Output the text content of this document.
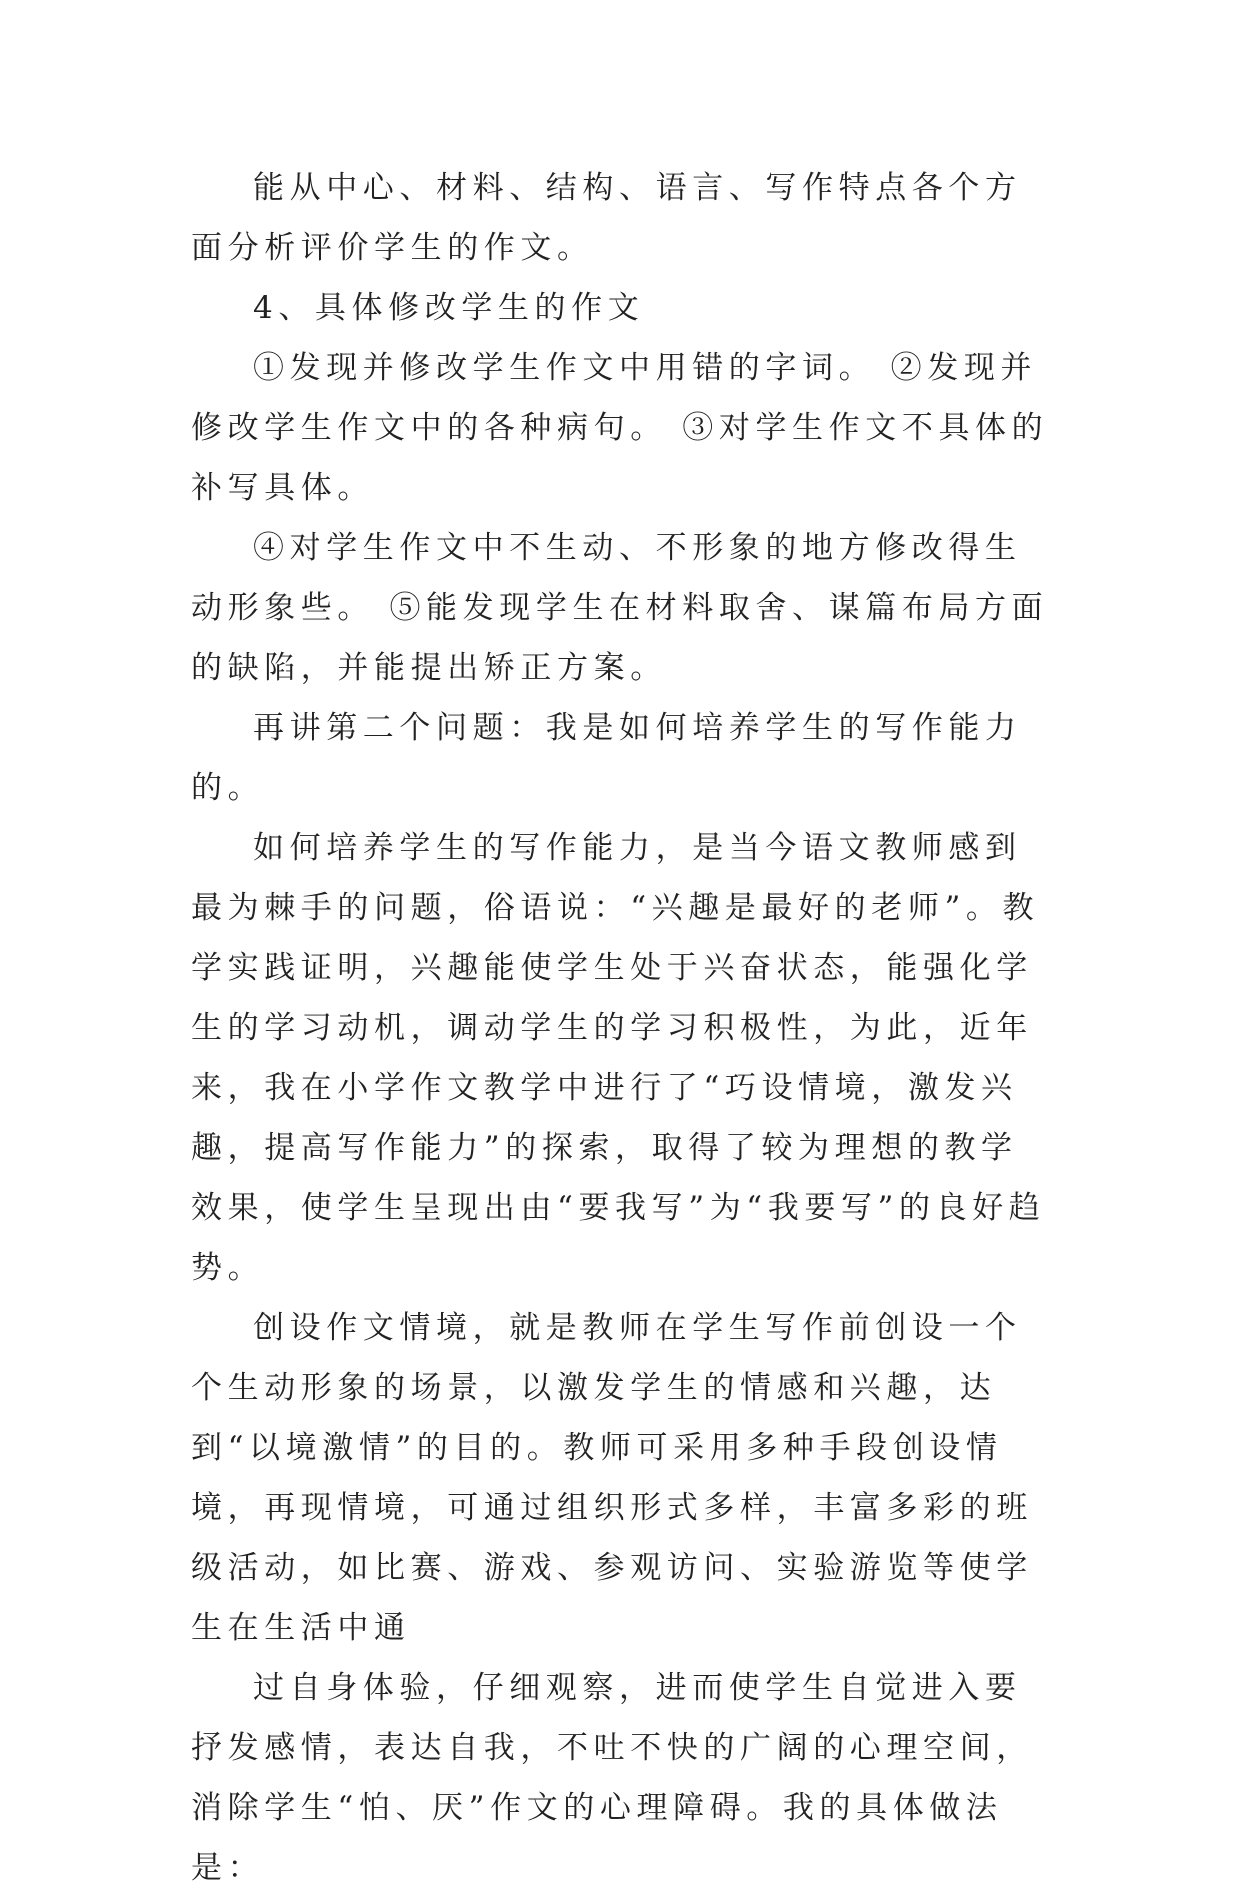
能从中心、材料、结构、语言、写作特点各个方面分析评价学生的作文。

4、具体修改学生的作文

①发现并修改学生作文中用错的字词。 ②发现并修改学生作文中的各种病句。 ③对学生作文不具体的补写具体。

④对学生作文中不生动、不形象的地方修改得生动形象些。 ⑤能发现学生在材料取舍、谋篇布局方面的缺陷，并能提出矫正方案。

再讲第二个问题：我是如何培养学生的写作能力的。

如何培养学生的写作能力，是当今语文教师感到最为棘手的问题，俗语说：“兴趣是最好的老师”。教学实践证明，兴趣能使学生处于兴奋状态，能强化学生的学习动机，调动学生的学习积极性，为此，近年来，我在小学作文教学中进行了“巧设情境，激发兴趣，提高写作能力”的探索，取得了较为理想的教学效果，使学生呈现出由“要我写”为“我要写”的良好趋势。

创设作文情境，就是教师在学生写作前创设一个个生动形象的场景，以激发学生的情感和兴趣，达到“以境激情”的目的。教师可采用多种手段创设情境，再现情境，可通过组织形式多样，丰富多彩的班级活动，如比赛、游戏、参观访问、实验游览等使学生在生活中通

过自身体验，仔细观察，进而使学生自觉进入要抒发感情，表达自我，不吐不快的广阔的心理空间，消除学生“怕、厌”作文的心理障碍。我的具体做法是：
